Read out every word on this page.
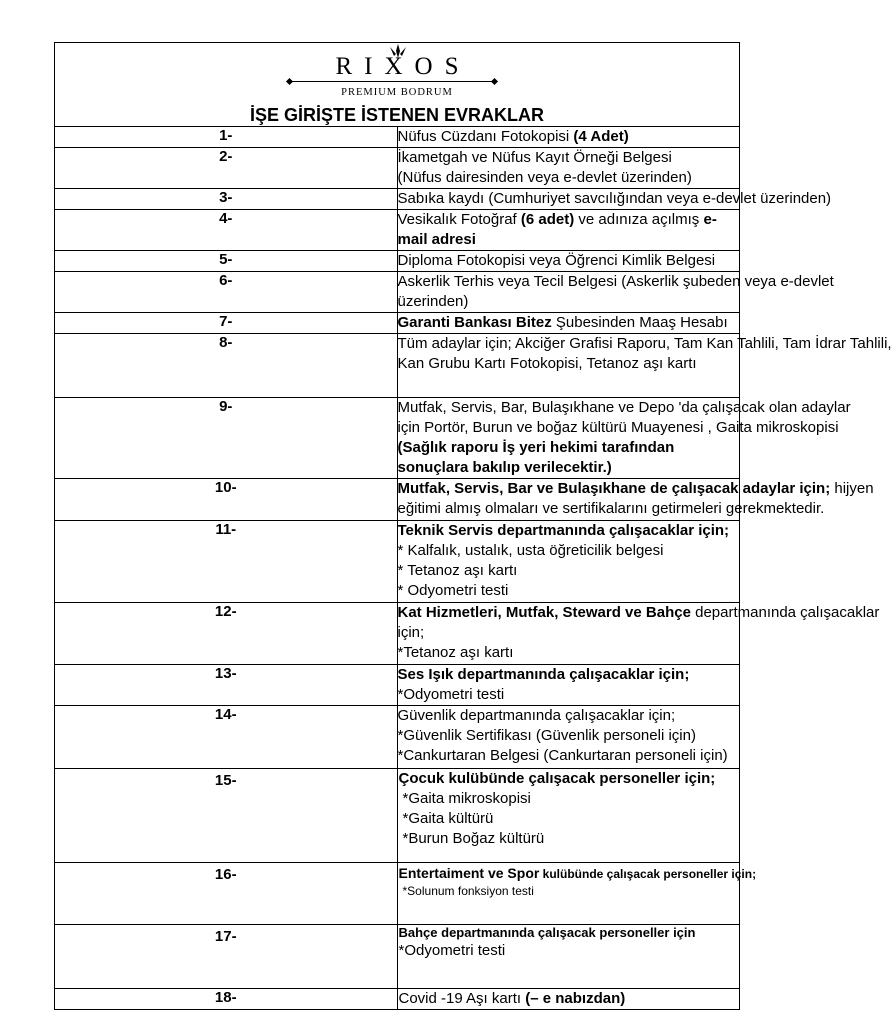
RIXOS
PREMIUM BODRUM
İŞE GİRİŞTE İSTENEN EVRAKLAR	

1-	Nüfus Cüzdanı Fotokopisi (4 Adet)
2-	İkametgah ve Nüfus Kayıt Örneği Belgesi
(Nüfus dairesinden veya e-devlet üzerinden)

3-	Sabıka kaydı (Cumhuriyet savcılığından veya e-devlet üzerinden)

4-	Vesikalık Fotoğraf (6 adet) ve adınıza açılmış e-mail adresi
5-	Diploma Fotokopisi veya Öğrenci Kimlik Belgesi

6-	Askerlik Terhis veya Tecil Belgesi (Askerlik şubeden veya e-devlet
üzerinden)

7-	Garanti Bankası Bitez Şubesinden Maaş Hesabı
8-	Tüm adaylar için; Akciğer Grafisi Raporu, Tam Kan Tahlili, Tam İdrar Tahlili,
Kan Grubu Kartı Fotokopisi, Tetanoz aşı kartı

9-	Mutfak, Servis, Bar, Bulaşıkhane ve Depo 'da çalışacak olan adaylar
için Portör, Burun ve boğaz kültürü Muayenesi , Gaita mikroskopisi
(Sağlık raporu İş yeri hekimi tarafından
sonuçlara bakılıp verilecektir.)

10-	Mutfak, Servis, Bar ve Bulaşıkhane de çalışacak adaylar için; hijyen
eğitimi almış olmaları ve sertifikalarını getirmeleri gerekmektedir.

11-	Teknik Servis departmanında çalışacaklar için;
* Kalfalık, ustalık, usta öğreticilik belgesi
* Tetanoz aşı kartı
* Odyometri testi

12-	Kat Hizmetleri, Mutfak, Steward ve Bahçe departmanında çalışacaklar
için;
*Tetanoz aşı kartı

13-	Ses Işık departmanında çalışacaklar için;
*Odyometri testi

14-	Güvenlik departmanında çalışacaklar için;
*Güvenlik Sertifikası (Güvenlik personeli için)
*Cankurtaran Belgesi (Cankurtaran personeli için)

15-	Çocuk kulübünde çalışacak personeller için;
*Gaita mikroskopisi
*Gaita kültürü
*Burun Boğaz kültürü

16-	Entertaiment ve Spor kulübünde çalışacak personeller için;
*Solunum fonksiyon testi

17-	Bahçe departmanında çalışacak personeller için
*Odyometri testi

18-	Covid -19 Aşı kartı (– e nabızdan)
